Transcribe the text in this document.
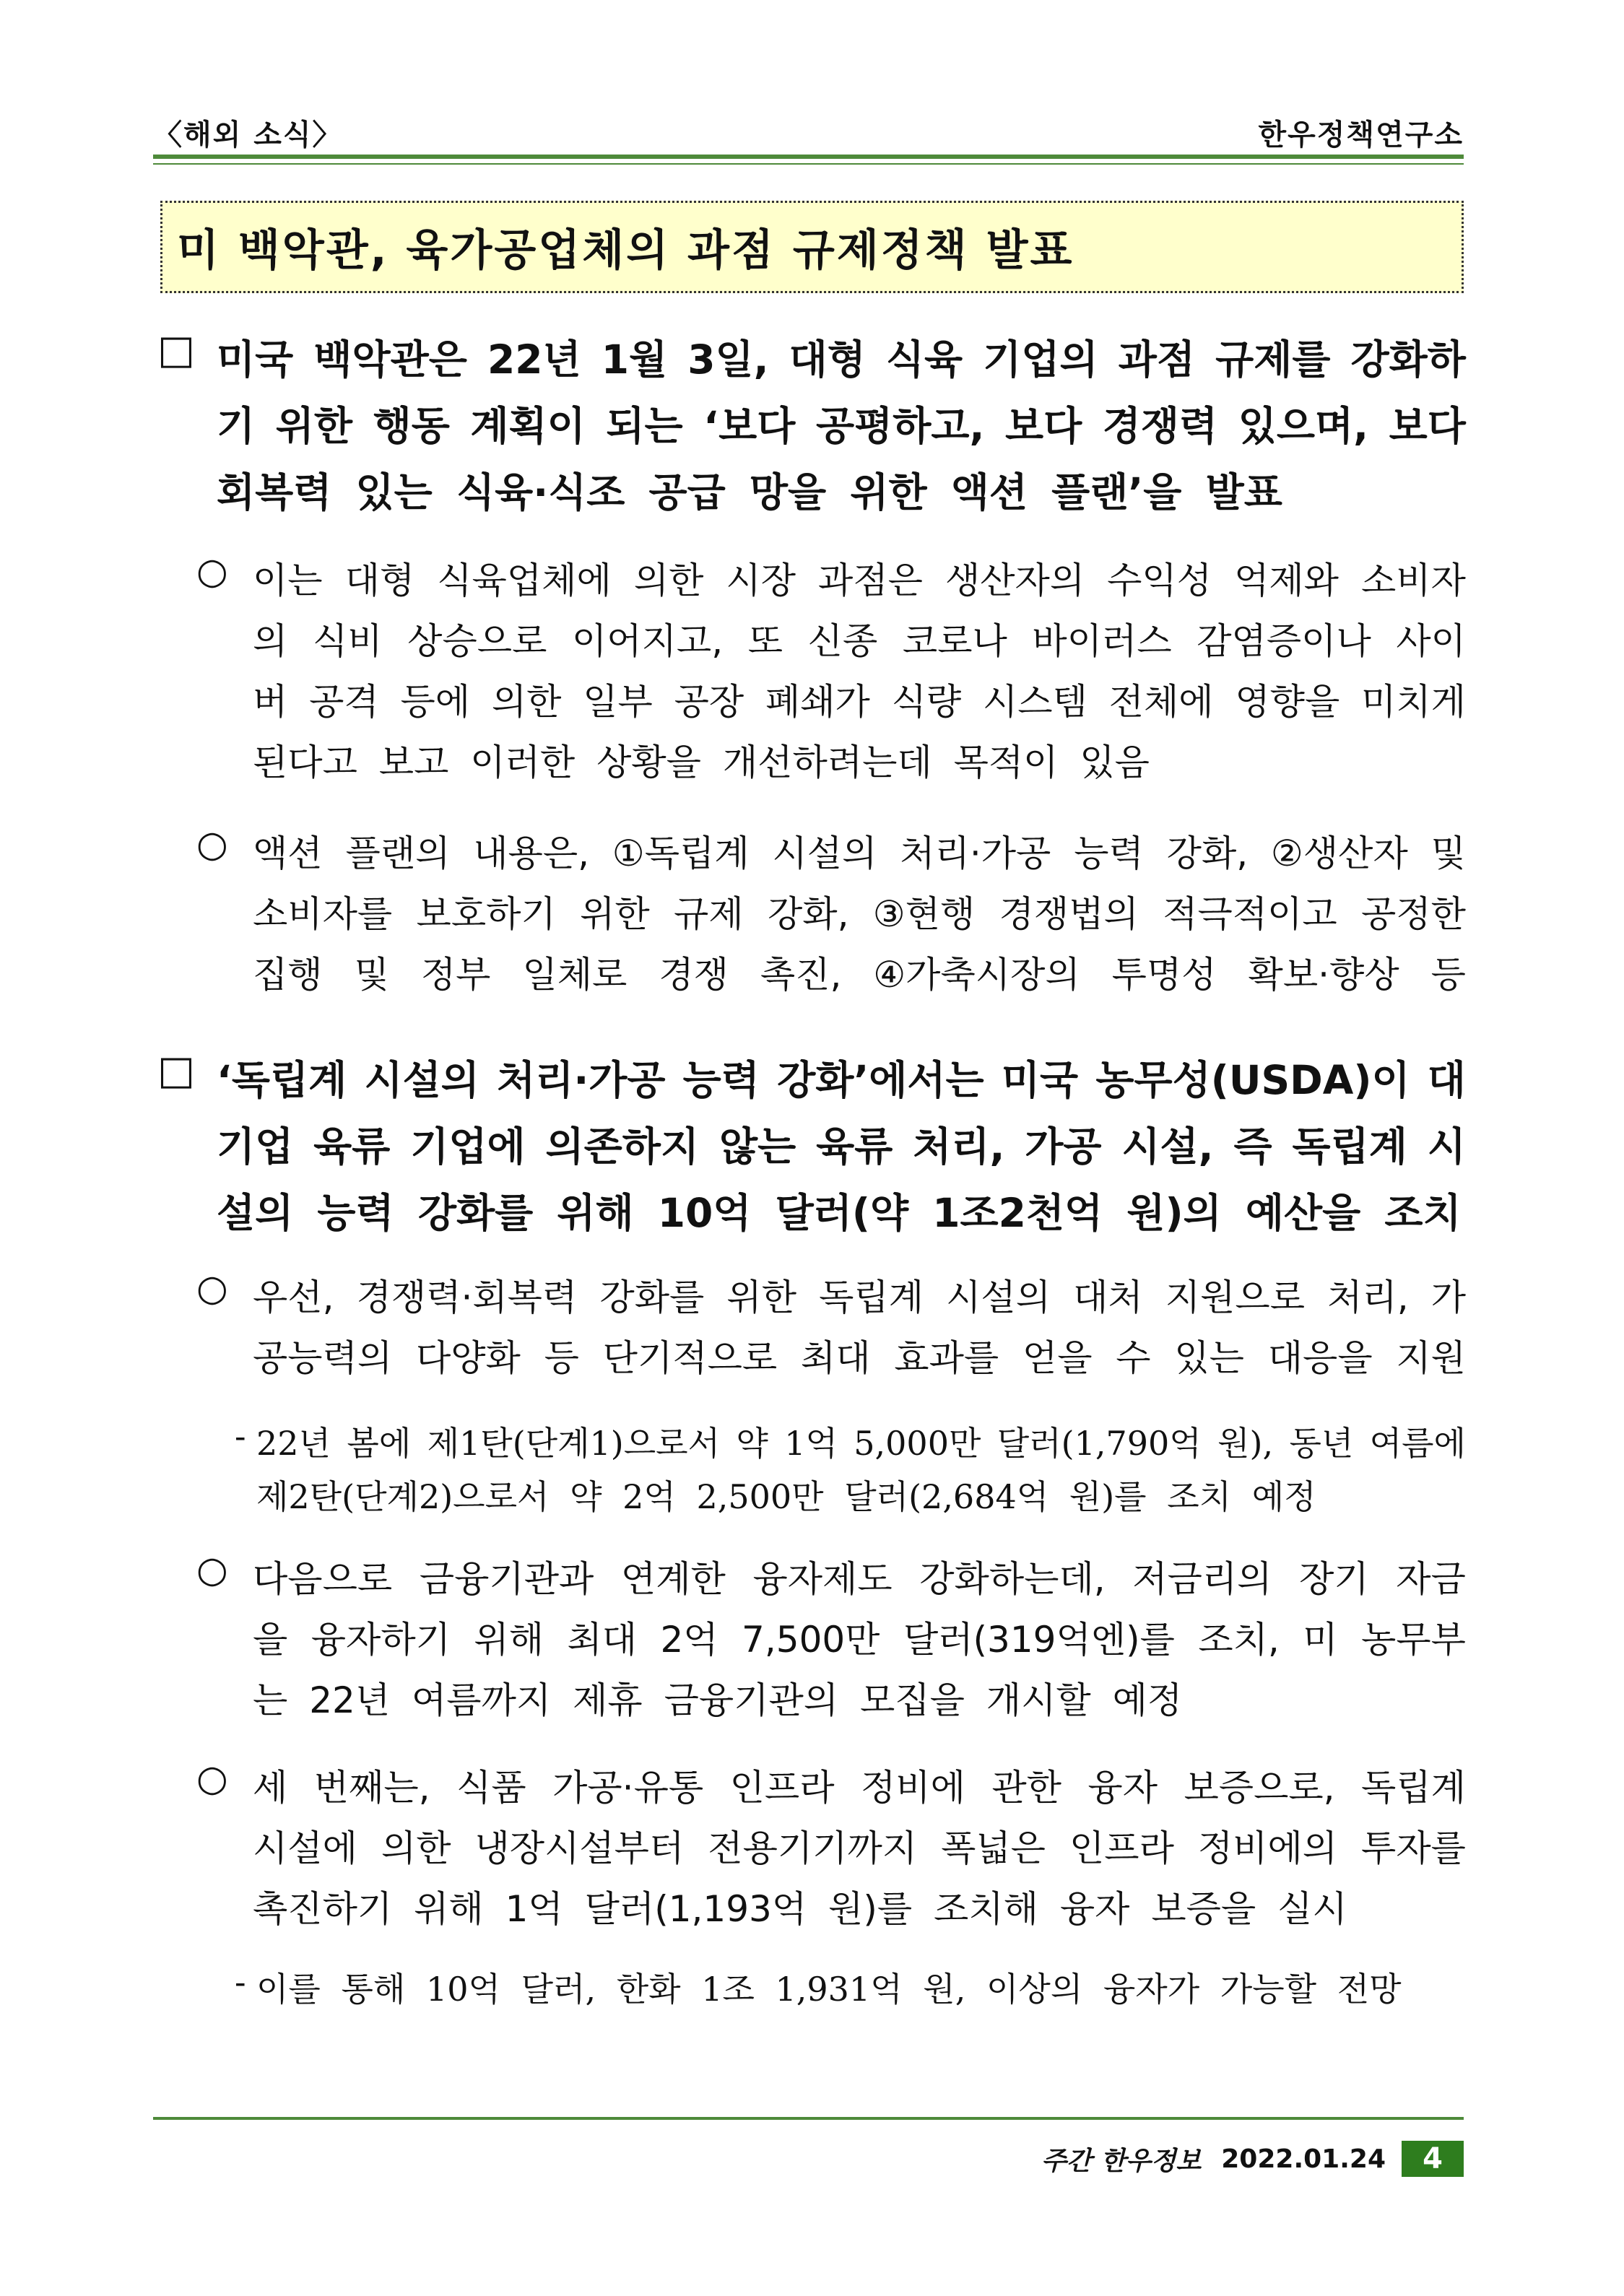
〈해외 소식〉	한우정책연구소
미 백악관, 육가공업체의 과점 규제정책 발표
□ 미국 백악관은 22년 1월 3일, 대형 식육 기업의 과점 규제를 강화하
기 위한 행동 계획이 되는 ‘보다 공평하고, 보다 경쟁력 있으며, 보다
회복력 있는 식육·식조 공급 망을 위한 액션 플랜’을 발표
○ 이는 대형 식육업체에 의한 시장 과점은 생산자의 수익성 억제와 소비자
의 식비 상승으로 이어지고, 또 신종 코로나 바이러스 감염증이나 사이
버 공격 등에 의한 일부 공장 폐쇄가 식량 시스템 전체에 영향을 미치게
된다고 보고 이러한 상황을 개선하려는데 목적이 있음
○ 액션 플랜의 내용은, ①독립계 시설의 처리·가공 능력 강화, ②생산자 및
소비자를 보호하기 위한 규제 강화, ③현행 경쟁법의 적극적이고 공정한
집행 및 정부 일체로 경쟁 촉진, ④가축시장의 투명성 확보·향상 등
□ ‘독립계 시설의 처리·가공 능력 강화’에서는 미국 농무성(USDA)이 대
기업 육류 기업에 의존하지 않는 육류 처리, 가공 시설, 즉 독립계 시
설의 능력 강화를 위해 10억 달러(약 1조2천억 원)의 예산을 조치
○ 우선, 경쟁력·회복력 강화를 위한 독립계 시설의 대처 지원으로 처리, 가
공능력의 다양화 등 단기적으로 최대 효과를 얻을 수 있는 대응을 지원
- 22년 봄에 제1탄(단계1)으로서 약 1억 5,000만 달러(1,790억 원), 동년 여름에
제2탄(단계2)으로서 약 2억 2,500만 달러(2,684억 원)를 조치 예정
○ 다음으로 금융기관과 연계한 융자제도 강화하는데, 저금리의 장기 자금
을 융자하기 위해 최대 2억 7,500만 달러(319억엔)를 조치, 미 농무부
는 22년 여름까지 제휴 금융기관의 모집을 개시할 예정
○ 세 번째는, 식품 가공·유통 인프라 정비에 관한 융자 보증으로, 독립계
시설에 의한 냉장시설부터 전용기기까지 폭넓은 인프라 정비에의 투자를
촉진하기 위해 1억 달러(1,193억 원)를 조치해 융자 보증을 실시
- 이를 통해 10억 달러, 한화 1조 1,931억 원, 이상의 융자가 가능할 전망
주간 한우정보 2022.01.24	4
